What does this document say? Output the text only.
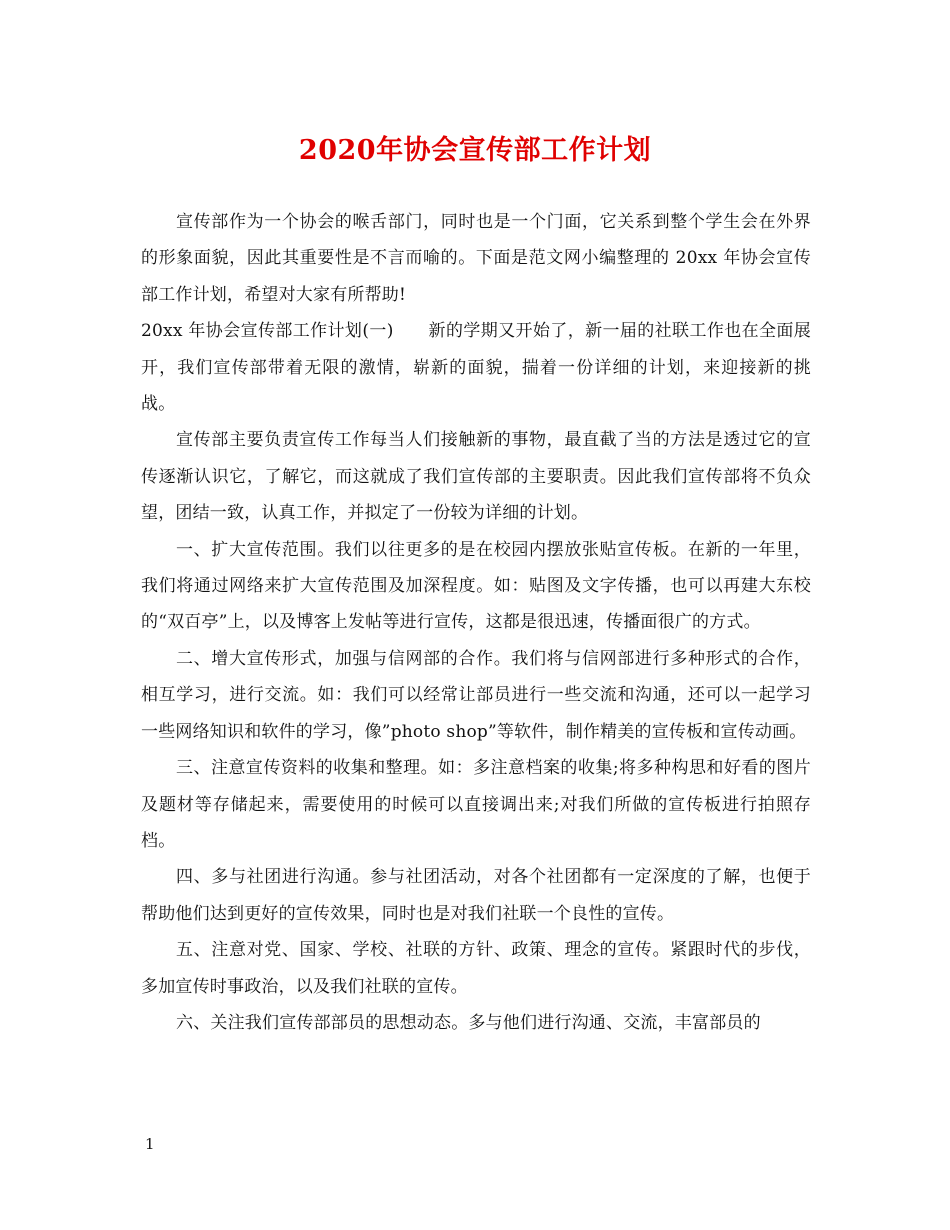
2020年协会宣传部工作计划

宣传部作为一个协会的喉舌部门，同时也是一个门面，它关系到整个学生会在外界的形象面貌，因此其重要性是不言而喻的。下面是范文网小编整理的 20xx 年协会宣传部工作计划，希望对大家有所帮助!

20xx 年协会宣传部工作计划(一)　　新的学期又开始了，新一届的社联工作也在全面展开，我们宣传部带着无限的激情，崭新的面貌，揣着一份详细的计划，来迎接新的挑战。

宣传部主要负责宣传工作每当人们接触新的事物，最直截了当的方法是透过它的宣传逐渐认识它，了解它，而这就成了我们宣传部的主要职责。因此我们宣传部将不负众望，团结一致，认真工作，并拟定了一份较为详细的计划。

一、扩大宣传范围。我们以往更多的是在校园内摆放张贴宣传板。在新的一年里，我们将通过网络来扩大宣传范围及加深程度。如：贴图及文字传播，也可以再建大东校的“双百亭”上，以及博客上发帖等进行宣传，这都是很迅速，传播面很广的方式。

二、增大宣传形式，加强与信网部的合作。我们将与信网部进行多种形式的合作，相互学习，进行交流。如：我们可以经常让部员进行一些交流和沟通，还可以一起学习一些网络知识和软件的学习，像”photo shop”等软件，制作精美的宣传板和宣传动画。

三、注意宣传资料的收集和整理。如：多注意档案的收集;将多种构思和好看的图片及题材等存储起来，需要使用的时候可以直接调出来;对我们所做的宣传板进行拍照存档。

四、多与社团进行沟通。参与社团活动，对各个社团都有一定深度的了解，也便于帮助他们达到更好的宣传效果，同时也是对我们社联一个良性的宣传。

五、注意对党、国家、学校、社联的方针、政策、理念的宣传。紧跟时代的步伐，多加宣传时事政治，以及我们社联的宣传。

六、关注我们宣传部部员的思想动态。多与他们进行沟通、交流，丰富部员的

1
